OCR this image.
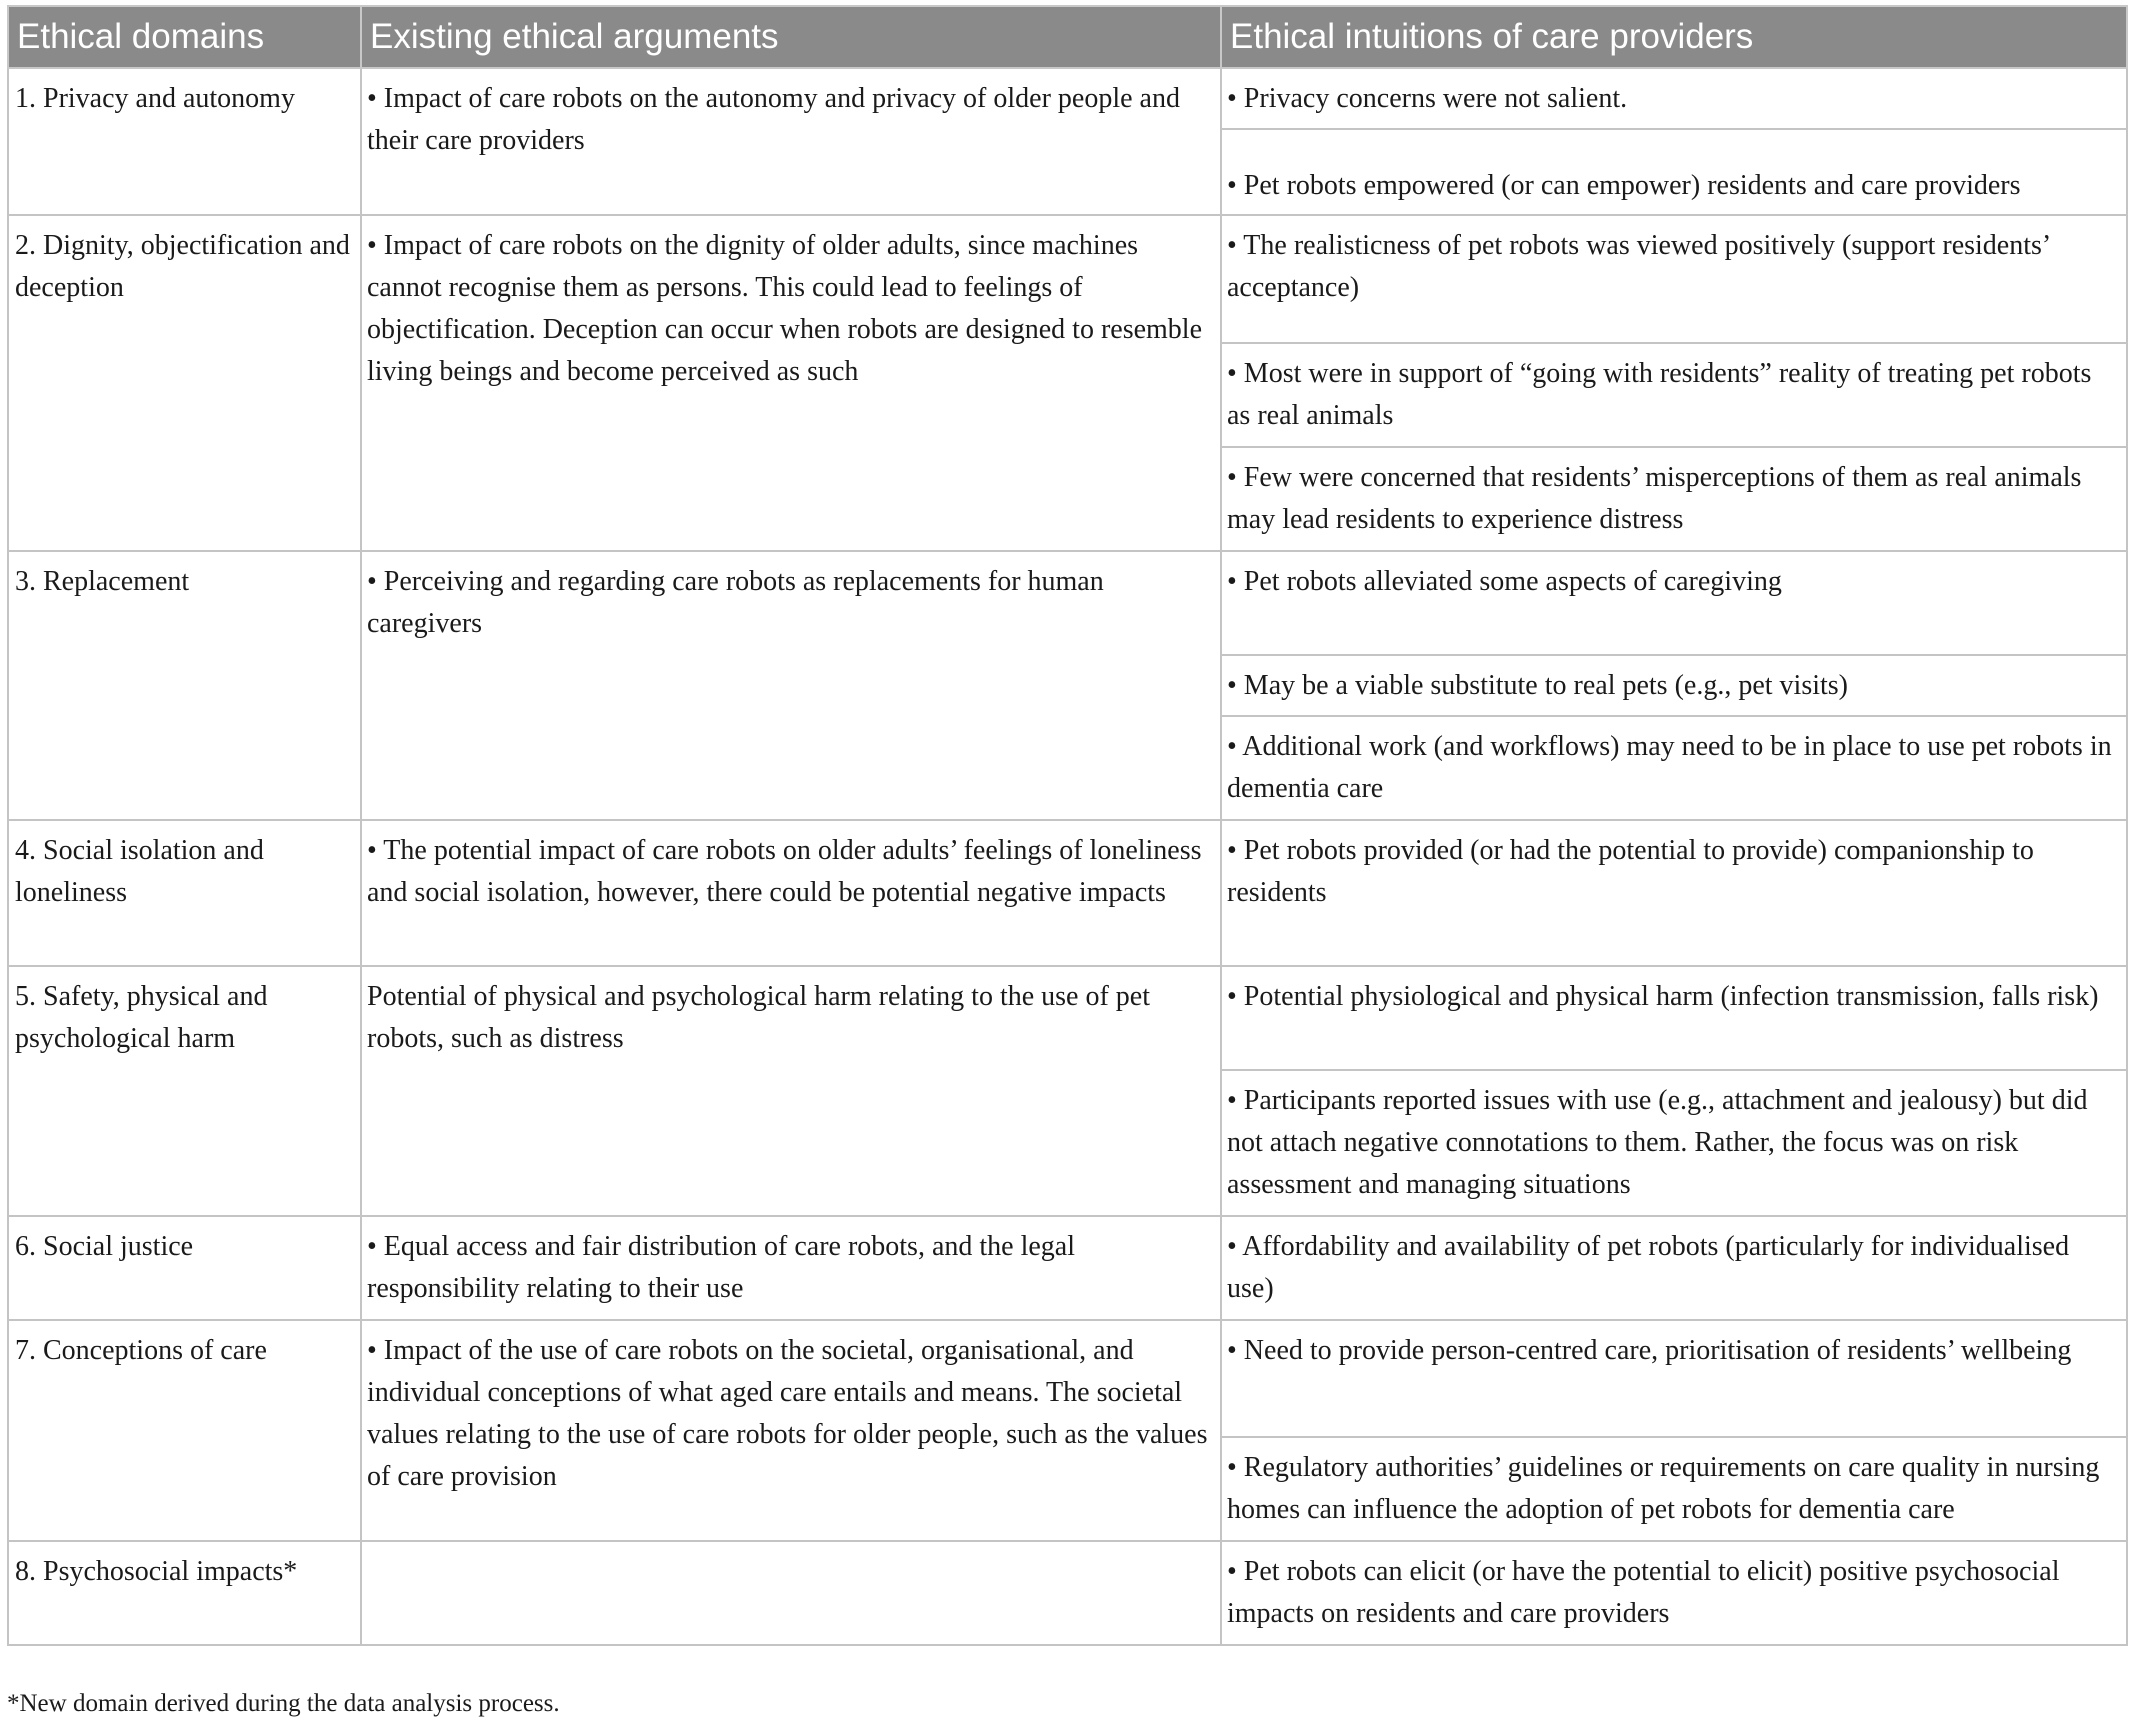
Ethical domains	Existing ethical arguments	Ethical intuitions of care providers
1. Privacy and autonomy	• Impact of care robots on the autonomy and privacy of older people and their care providers	• Privacy concerns were not salient.
		• Pet robots empowered (or can empower) residents and care providers
2. Dignity, objectification and deception	• Impact of care robots on the dignity of older adults, since machines cannot recognise them as persons. This could lead to feelings of objectification. Deception can occur when robots are designed to resemble living beings and become perceived as such	• The realisticness of pet robots was viewed positively (support residents’ acceptance)
		• Most were in support of “going with residents” reality of treating pet robots as real animals
		• Few were concerned that residents’ misperceptions of them as real animals may lead residents to experience distress
3. Replacement	• Perceiving and regarding care robots as replacements for human caregivers	• Pet robots alleviated some aspects of caregiving
		• May be a viable substitute to real pets (e.g., pet visits)
		• Additional work (and workflows) may need to be in place to use pet robots in dementia care
4. Social isolation and loneliness	• The potential impact of care robots on older adults’ feelings of loneliness and social isolation, however, there could be potential negative impacts	• Pet robots provided (or had the potential to provide) companionship to residents
5. Safety, physical and psychological harm	Potential of physical and psychological harm relating to the use of pet robots, such as distress	• Potential physiological and physical harm (infection transmission, falls risk)
		• Participants reported issues with use (e.g., attachment and jealousy) but did not attach negative connotations to them. Rather, the focus was on risk assessment and managing situations
6. Social justice	• Equal access and fair distribution of care robots, and the legal responsibility relating to their use	• Affordability and availability of pet robots (particularly for individualised use)
7. Conceptions of care	• Impact of the use of care robots on the societal, organisational, and individual conceptions of what aged care entails and means. The societal values relating to the use of care robots for older people, such as the values of care provision	• Need to provide person-centred care, prioritisation of residents’ wellbeing
		• Regulatory authorities’ guidelines or requirements on care quality in nursing homes can influence the adoption of pet robots for dementia care
8. Psychosocial impacts*		• Pet robots can elicit (or have the potential to elicit) positive psychosocial impacts on residents and care providers
*New domain derived during the data analysis process.
